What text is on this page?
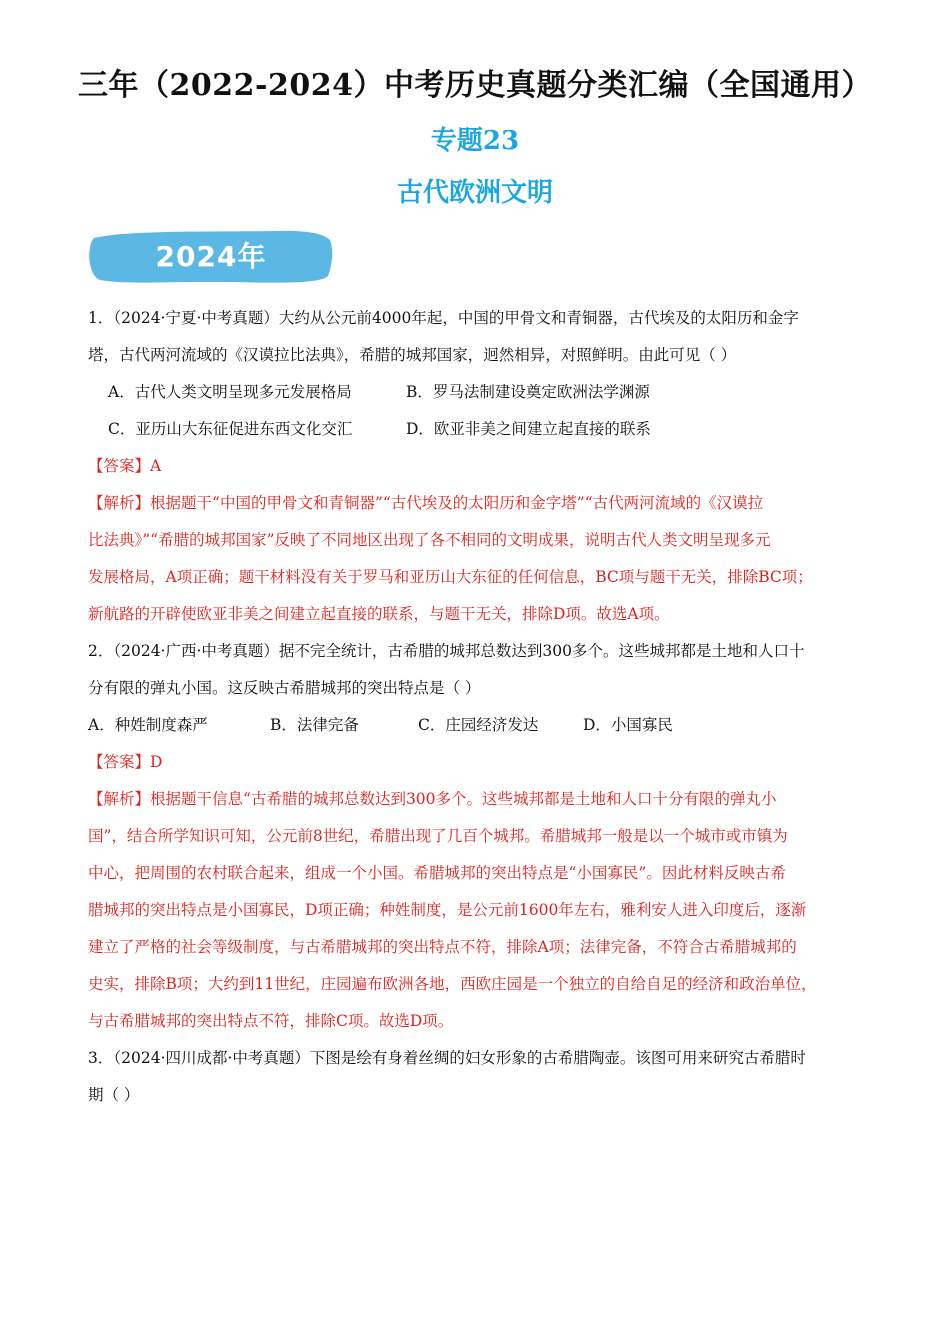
三年（2022-2024）中考历史真题分类汇编（全国通用）
专题23
古代欧洲文明
2024年
1．（2024·宁夏·中考真题）大约从公元前4000年起，中国的甲骨文和青铜器，古代埃及的太阳历和金字
塔，古代两河流域的《汉谟拉比法典》，希腊的城邦国家，迥然相异，对照鲜明。由此可见（ ）
A．古代人类文明呈现多元发展格局	B．罗马法制建设奠定欧洲法学渊源
C．亚历山大东征促进东西文化交汇	D．欧亚非美之间建立起直接的联系
【答案】A
【解析】根据题干“中国的甲骨文和青铜器”“古代埃及的太阳历和金字塔”“古代两河流域的《汉谟拉
比法典》”“希腊的城邦国家”反映了不同地区出现了各不相同的文明成果，说明古代人类文明呈现多元
发展格局，A项正确；题干材料没有关于罗马和亚历山大东征的任何信息，BC项与题干无关，排除BC项；
新航路的开辟使欧亚非美之间建立起直接的联系，与题干无关，排除D项。故选A项。
2．（2024·广西·中考真题）据不完全统计，古希腊的城邦总数达到300多个。这些城邦都是土地和人口十
分有限的弹丸小国。这反映古希腊城邦的突出特点是（ ）
A．种姓制度森严	B．法律完备	C．庄园经济发达	D．小国寡民
【答案】D
【解析】根据题干信息“古希腊的城邦总数达到300多个。这些城邦都是土地和人口十分有限的弹丸小
国”，结合所学知识可知，公元前8世纪，希腊出现了几百个城邦。希腊城邦一般是以一个城市或市镇为
中心，把周围的农村联合起来，组成一个小国。希腊城邦的突出特点是“小国寡民”。因此材料反映古希
腊城邦的突出特点是小国寡民，D项正确；种姓制度，是公元前1600年左右，雅利安人进入印度后，逐渐
建立了严格的社会等级制度，与古希腊城邦的突出特点不符，排除A项；法律完备，不符合古希腊城邦的
史实，排除B项；大约到11世纪，庄园遍布欧洲各地，西欧庄园是一个独立的自给自足的经济和政治单位，
与古希腊城邦的突出特点不符，排除C项。故选D项。
3．（2024·四川成都·中考真题）下图是绘有身着丝绸的妇女形象的古希腊陶壶。该图可用来研究古希腊时
期（ ）
